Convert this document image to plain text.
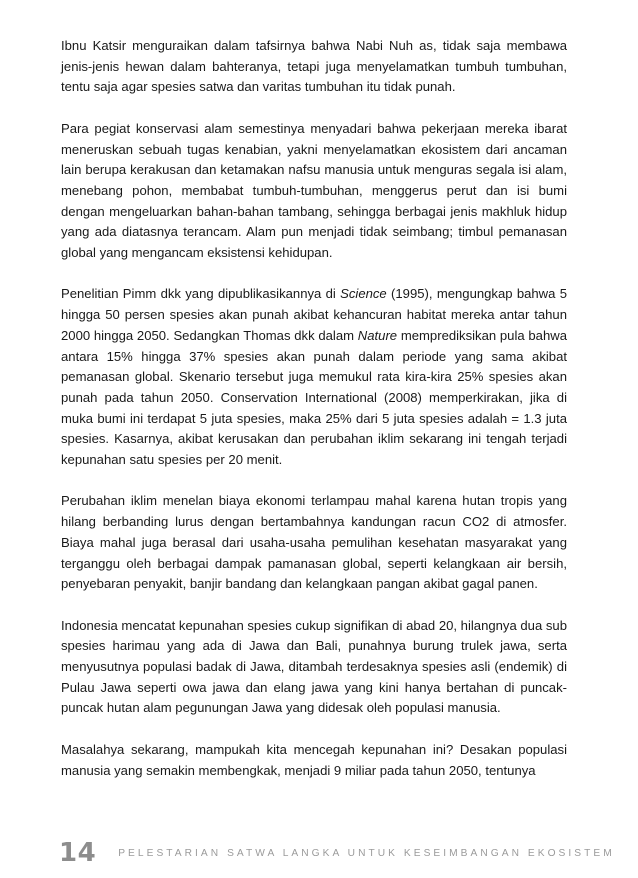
Ibnu Katsir menguraikan dalam tafsirnya bahwa Nabi Nuh as, tidak saja membawa jenis-jenis hewan dalam bahteranya, tetapi juga menyelamatkan tumbuh tumbuhan, tentu saja agar spesies satwa dan varitas tumbuhan itu tidak punah.

Para pegiat konservasi alam semestinya menyadari bahwa pekerjaan mereka ibarat meneruskan sebuah tugas kenabian, yakni menyelamatkan ekosistem dari ancaman lain berupa kerakusan dan ketamakan nafsu manusia untuk menguras segala isi alam, menebang pohon, membabat tumbuh-tumbuhan, menggerus perut dan isi bumi dengan mengeluarkan bahan-bahan tambang, sehingga berbagai jenis makhluk hidup yang ada diatasnya terancam. Alam pun menjadi tidak seimbang; timbul pemanasan global yang mengancam eksistensi kehidupan.

Penelitian Pimm dkk yang dipublikasikannya di Science (1995), mengungkap bahwa 5 hingga 50 persen spesies akan punah akibat kehancuran habitat mereka antar tahun 2000 hingga 2050. Sedangkan Thomas dkk dalam Nature memprediksikan pula bahwa antara 15% hingga 37% spesies akan punah dalam periode yang sama akibat pemanasan global. Skenario tersebut juga memukul rata kira-kira 25% spesies akan punah pada tahun 2050. Conservation International (2008) memperkirakan, jika di muka bumi ini terdapat 5 juta spesies, maka 25% dari 5 juta spesies adalah = 1.3 juta spesies. Kasarnya, akibat kerusakan dan perubahan iklim sekarang ini tengah terjadi kepunahan satu spesies per 20 menit.

Perubahan iklim menelan biaya ekonomi terlampau mahal karena hutan tropis yang hilang berbanding lurus dengan bertambahnya kandungan racun CO2 di atmosfer. Biaya mahal juga berasal dari usaha-usaha pemulihan kesehatan masyarakat yang terganggu oleh berbagai dampak pamanasan global, seperti kelangkaan air bersih, penyebaran penyakit, banjir bandang dan kelangkaan pangan akibat gagal panen.

Indonesia mencatat kepunahan spesies cukup signifikan di abad 20, hilangnya dua sub spesies harimau yang ada di Jawa dan Bali, punahnya burung trulek jawa, serta menyusutnya populasi badak di Jawa, ditambah terdesaknya spesies asli (endemik) di Pulau Jawa seperti owa jawa dan elang jawa yang kini hanya bertahan di puncak-puncak hutan alam pegunungan Jawa yang didesak oleh populasi manusia.

Masalahya sekarang, mampukah kita mencegah kepunahan ini? Desakan populasi manusia yang semakin membengkak, menjadi 9 miliar pada tahun 2050, tentunya

14 PELESTARIAN SATWA LANGKA UNTUK KESEIMBANGAN EKOSISTEM
